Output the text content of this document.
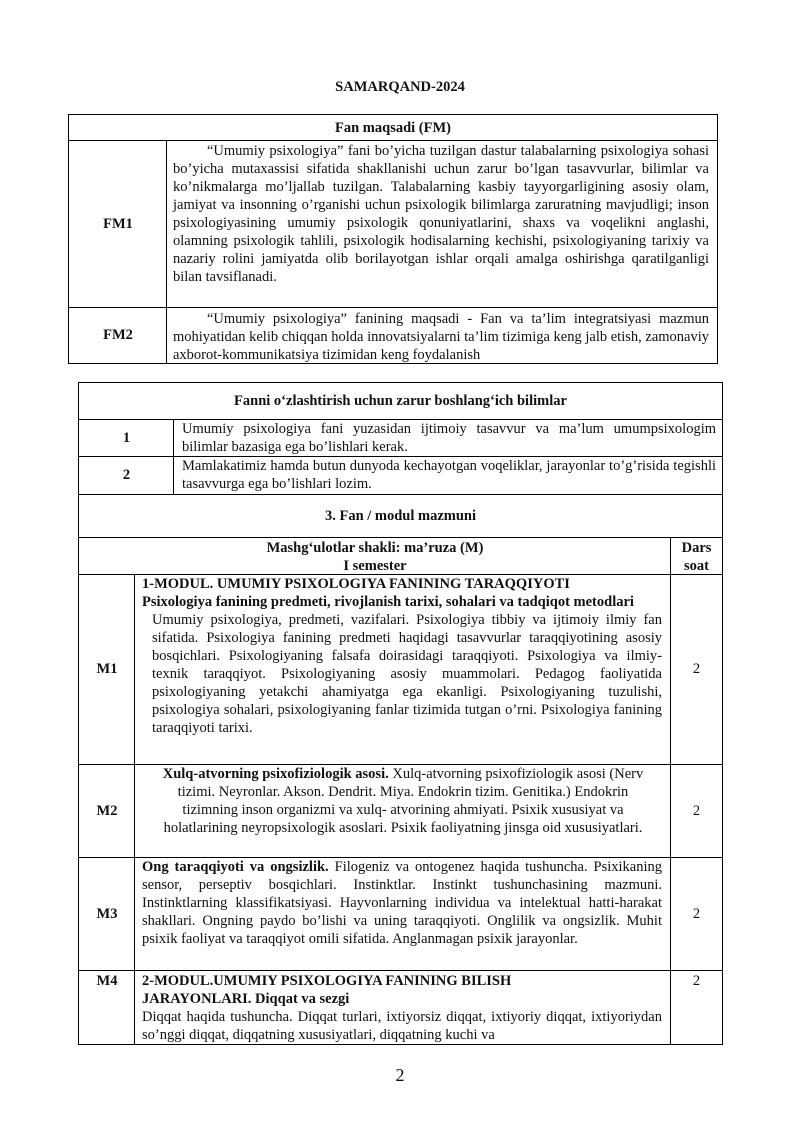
SAMARQAND-2024
Fan maqsadi (FM)
FM1
“Umumiy psixologiya” fani bo’yicha tuzilgan dastur talabalarning psixologiya sohasi bo’yicha mutaxassisi sifatida shakllanishi uchun zarur bo’lgan tasavvurlar, bilimlar va ko’nikmalarga mo’ljallab tuzilgan. Talabalarning kasbiy tayyorgarligining asosiy olam, jamiyat va insonning o’rganishi uchun psixologik bilimlarga zaruratning mavjudligi; inson psixologiyasining umumiy psixologik qonuniyatlarini, shaxs va voqelikni anglashi, olamning psixologik tahlili, psixologik hodisalarning kechishi, psixologiyaning tarixiy va nazariy rolini jamiyatda olib borilayotgan ishlar orqali amalga oshirishga qaratilganligi bilan tavsiflanadi.
FM2
“Umumiy psixologiya” fanining maqsadi - Fan va ta’lim integratsiyasi mazmun mohiyatidan kelib chiqqan holda innovatsiyalarni ta’lim tizimiga keng jalb etish, zamonaviy axborot-kommunikatsiya tizimidan keng foydalanish
Fanni o‘zlashtirish uchun zarur boshlang‘ich bilimlar
1
Umumiy psixologiya fani yuzasidan ijtimoiy tasavvur va ma’lum umumpsixologim bilimlar bazasiga ega bo’lishlari kerak.
2
Mamlakatimiz hamda butun dunyoda kechayotgan voqeliklar, jarayonlar to’g’risida tegishli tasavvurga ega bo’lishlari lozim.
3. Fan / modul mazmuni
Mashg‘ulotlar shakli: ma’ruza (M)
I semester
Dars
soat
M1
1-MODUL. UMUMIY PSIXOLOGIYA FANINING TARAQQIYOTI
Psixologiya fanining predmeti, rivojlanish tarixi, sohalari va tadqiqot metodlari
Umumiy psixologiya, predmeti, vazifalari. Psixologiya tibbiy va ijtimoiy ilmiy fan sifatida. Psixologiya fanining predmeti haqidagi tasavvurlar taraqqiyotining asosiy bosqichlari. Psixologiyaning falsafa doirasidagi taraqqiyoti. Psixologiya va ilmiy-texnik taraqqiyot. Psixologiyaning asosiy muammolari. Pedagog faoliyatida psixologiyaning yetakchi ahamiyatga ega ekanligi. Psixologiyaning tuzulishi, psixologiya sohalari, psixologiyaning fanlar tizimida tutgan o’rni. Psixologiya fanining taraqqiyoti tarixi.
2
M2
Xulq-atvorning psixofiziologik asosi. Xulq-atvorning psixofiziologik asosi (Nerv tizimi. Neyronlar. Akson. Dendrit. Miya. Endokrin tizim. Genitika.) Endokrin tizimning inson organizmi va xulq- atvorining ahmiyati. Psixik xususiyat va holatlarining neyropsixologik asoslari. Psixik faoliyatning jinsga oid xususiyatlari.
2
M3
Ong taraqqiyoti va ongsizlik. Filogeniz va ontogenez haqida tushuncha. Psixikaning sensor, perseptiv bosqichlari. Instinktlar. Instinkt tushunchasining mazmuni. Instinktlarning klassifikatsiyasi. Hayvonlarning individua va intelektual hatti-harakat shakllari. Ongning paydo bo’lishi va uning taraqqiyoti. Onglilik va ongsizlik. Muhit psixik faoliyat va taraqqiyot omili sifatida. Anglanmagan psixik jarayonlar.
2
M4	2-MODUL.UMUMIY PSIXOLOGIYA FANINING BILISH
JARAYONLARI. Diqqat va sezgi
Diqqat haqida tushuncha. Diqqat turlari, ixtiyorsiz diqqat, ixtiyoriy diqqat, ixtiyoriydan so’nggi diqqat, diqqatning xususiyatlari, diqqatning kuchi va
2
2
